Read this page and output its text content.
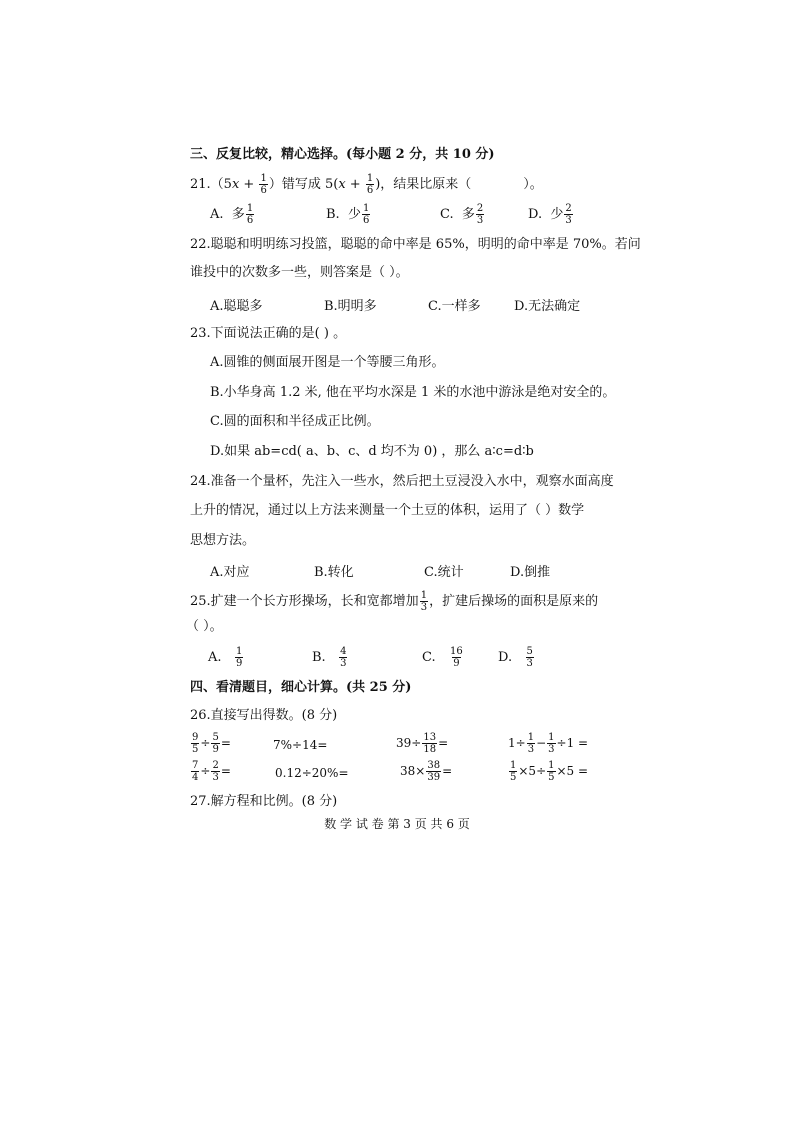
三、反复比较，精心选择。(每小题 2 分，共 10 分)
$21.(5x + \frac{1}{6}$ ）错写成 $5(x + \frac{1}{6}$ )，结果比原来（	）。
A. 多 $\frac{1}{6}$	B. 少 $\frac{1}{6}$	C. 多 $\frac{2}{3}$	D. 少 $\frac{2}{3}$
22.聪聪和明明练习投篮，聪聪的命中率是 65%，明明的命中率是 70%。若问
谁投中的次数多一些，则答案是（ ）。
A.聪聪多	B.明明多	C.一样多	D.无法确定
23.下面说法正确的是( ) 。
A.圆锥的侧面展开图是一个等腰三角形。
B.小华身高 1.2 米, 他在平均水深是 1 米的水池中游泳是绝对安全的。
C.圆的面积和半径成正比例。
D.如果 ab=cd( a、b、c、d 均不为 0) ，那么 a∶c=d∶b
24.准备一个量杯，先注入一些水，然后把土豆浸没入水中，观察水面高度
上升的情况，通过以上方法来测量一个土豆的体积，运用了（ ）数学
思想方法。
A.对应	B.转化	C.统计	D.倒推
25.扩建一个长方形操场，长和宽都增加 $\frac{1}{3}$ ，扩建后操场的面积是原来的
（ ）。
A. $\frac{1}{9}$	B. $\frac{4}{3}$	C. $\frac{16}{9}$	D. $\frac{5}{3}$
四、看清题目，细心计算。(共 25 分)
26.直接写出得数。(8 分)
$\frac{9}{5} \div \frac{5}{9}$ =	7%÷14=	$39\div \frac{13}{18}$ =	$1\div \frac{1}{3} - \frac{1}{3} \div 1$ =
$\frac{7}{4} \div \frac{2}{3}$ =	0.12÷20%=	$38\times \frac{38}{39}$ =	$\frac{1}{5} \times 5\div \frac{1}{5} \times 5$ =
27.解方程和比例。(8 分)
数 学 试 卷 第 3 页 共 6 页
